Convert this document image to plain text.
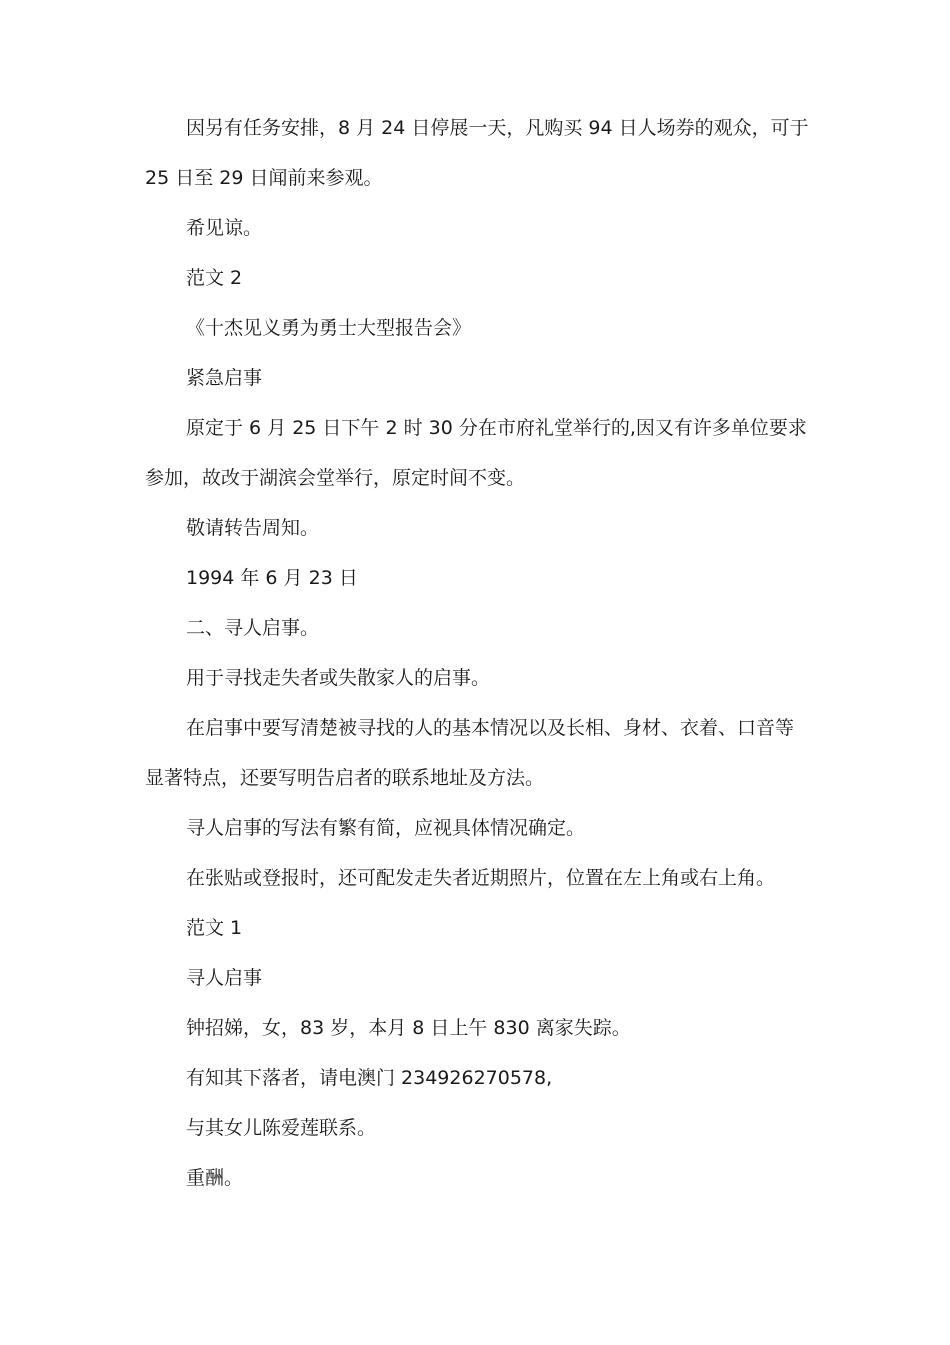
因另有任务安排，8 月 24 日停展一天，凡购买 94 日人场券的观众，可于 25 日至 29 日闻前来参观。

希见谅。

范文 2

《十杰见义勇为勇士大型报告会》

紧急启事

原定于 6 月 25 日下午 2 时 30 分在市府礼堂举行的,因又有许多单位要求参加，故改于湖滨会堂举行，原定时间不变。

敬请转告周知。

1994 年 6 月 23 日

二、寻人启事。

用于寻找走失者或失散家人的启事。

在启事中要写清楚被寻找的人的基本情况以及长相、身材、衣着、口音等显著特点，还要写明告启者的联系地址及方法。

寻人启事的写法有繁有简，应视具体情况确定。

在张贴或登报时，还可配发走失者近期照片，位置在左上角或右上角。

范文 1

寻人启事

钟招娣，女，83 岁，本月 8 日上午 830 离家失踪。

有知其下落者，请电澳门 234926270578,

与其女儿陈爱莲联系。

重酬。
